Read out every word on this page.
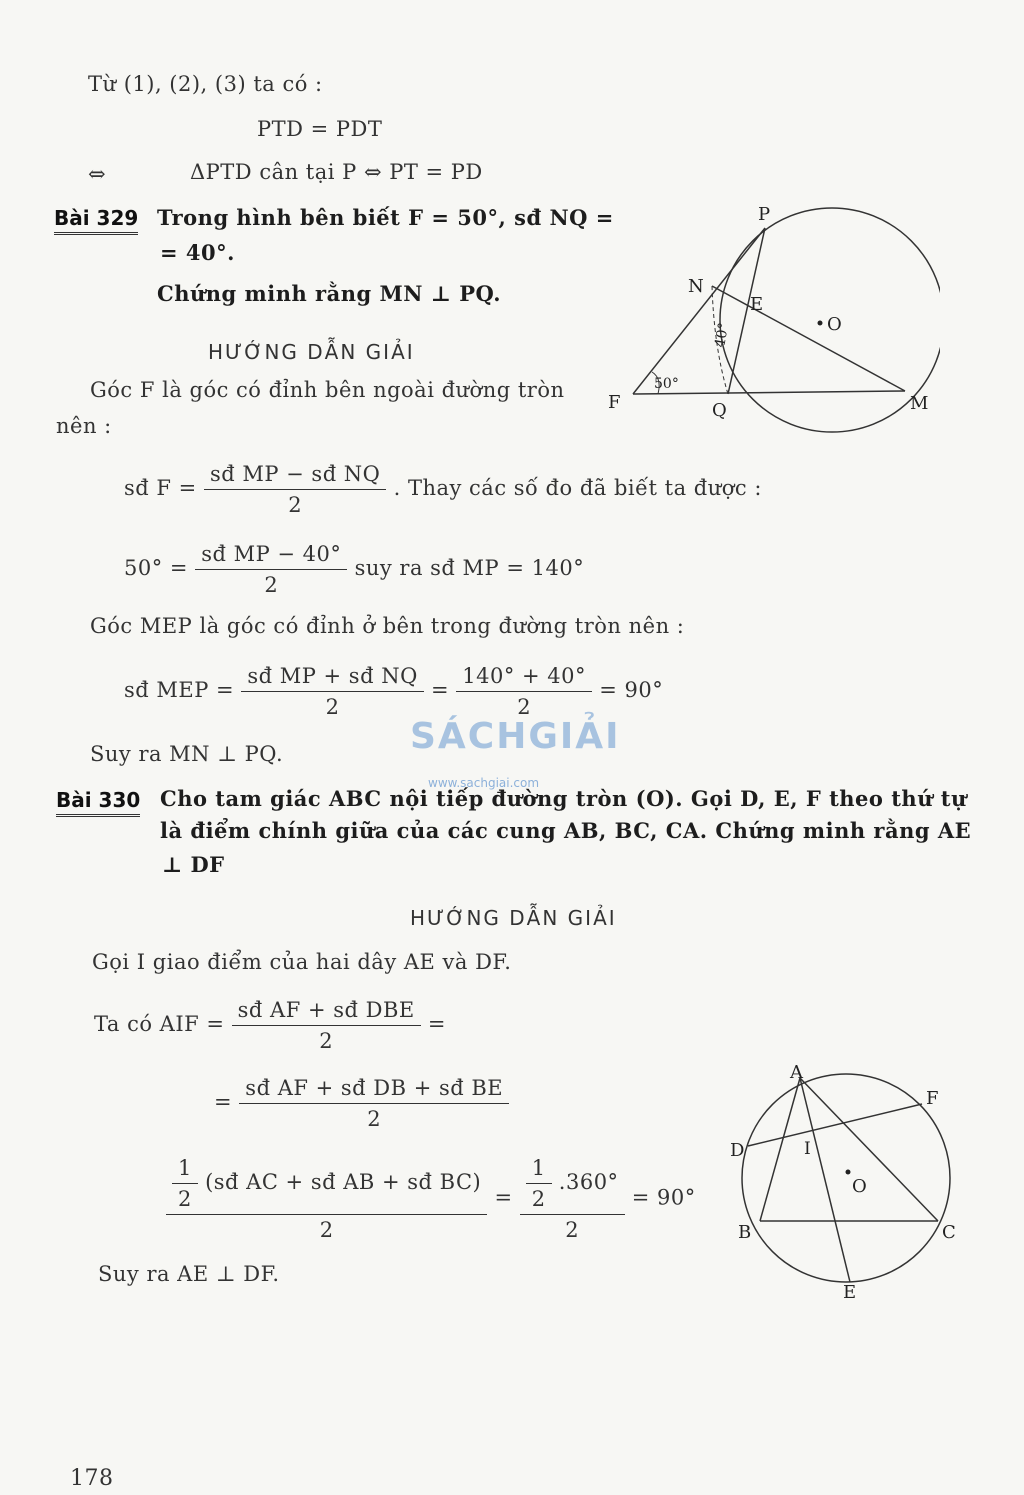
Từ (1), (2), (3) ta có :
PTD = PDT
⇔	ΔPTD cân tại P ⇔ PT = PD
Bài 329 Trong hình bên biết F = 50°, sđ NQ =
= 40°.
Chứng minh rằng MN ⊥ PQ.
HƯỚNG DẪN GIẢI
Góc F là góc có đỉnh bên ngoài đường tròn
nên :
sđ $F = \frac{\text{sđ MP − sđ NQ}}{2}$ . Thay các số đo đã biết ta được :
$50^\circ = \frac{\text{sđ MP − 40°}}{2}$ suy ra sđ MP = 140°
Góc MEP là góc có đỉnh ở bên trong đường tròn nên :
sđ MEP = $\frac{\text{sđ MP + sđ NQ}}{2} = \frac{140^\circ + 40^\circ}{2} = 90^\circ$
Suy ra MN ⊥ PQ.
P
N
E
O
F	Q	M
50°
40°
SÁCHGIẢI
www.sachgiai.com
Bài 330 Cho tam giác ABC nội tiếp đường tròn (O). Gọi D, E, F theo thứ tự
là điểm chính giữa của các cung AB, BC, CA. Chứng minh rằng AE
⊥ DF
HƯỚNG DẪN GIẢI
Gọi I giao điểm của hai dây AE và DF.
Ta có AIF = $\frac{\text{sđ AF + sđ DBE}}{2}$ =
= $\frac{\text{sđ AF + sđ DB + sđ BE}}{2}$
$\frac{\frac{1}{2} (sđ AC + sđ AB + sđ BC)}{2} = \frac{\frac{1}{2} .360^\circ}{2} = 90^\circ$
Suy ra AE ⊥ DF.
A
F
D	I
O
B	C
E
178
